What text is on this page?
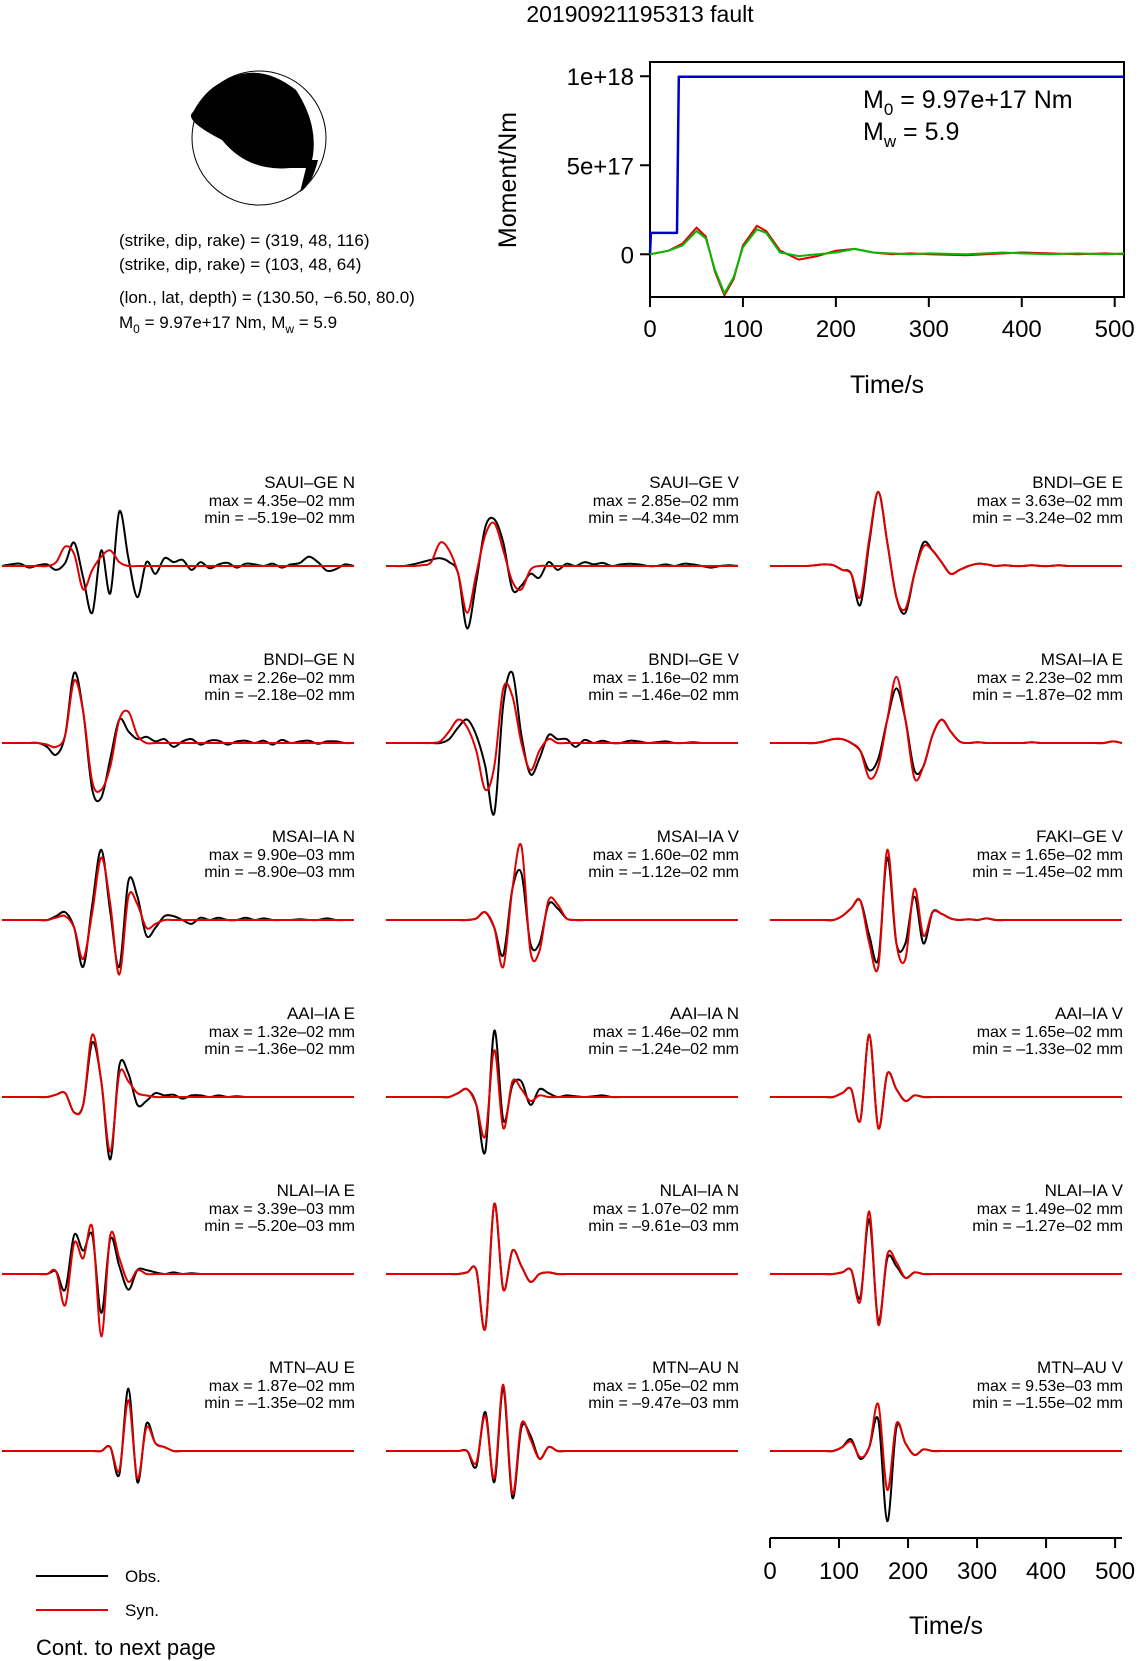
20190921195313 fault
(strike, dip, rake) = (319, 48, 116)
(strike, dip, rake) = (103, 48, 64)
(lon., lat, depth) = (130.50, −6.50, 80.0)
$M_0 = 9.97e+17$ Nm, $M_w = 5.9$	0	100 200 300 400 500
0
5e+17
1e+18
Moment/Nm
Time/s
$M_0 = 9.97e+17$ Nm
$M_w = 5.9$
SAUI–GE N
max = 4.35e–02 mm
min = –5.19e–02 mm
SAUI–GE V
max = 2.85e–02 mm
min = –4.34e–02 mm
BNDI–GE E
max = 3.63e–02 mm
min = –3.24e–02 mm
BNDI–GE N
max = 2.26e–02 mm
min = –2.18e–02 mm
BNDI–GE V
max = 1.16e–02 mm
min = –1.46e–02 mm
MSAI–IA E
max = 2.23e–02 mm
min = –1.87e–02 mm
MSAI–IA N
max = 9.90e–03 mm
min = –8.90e–03 mm
MSAI–IA V
max = 1.60e–02 mm
min = –1.12e–02 mm
FAKI–GE V
max = 1.65e–02 mm
min = –1.45e–02 mm
AAI–IA E
max = 1.32e–02 mm
min = –1.36e–02 mm
AAI–IA N
max = 1.46e–02 mm
min = –1.24e–02 mm
AAI–IA V
max = 1.65e–02 mm
min = –1.33e–02 mm
NLAI–IA E
max = 3.39e–03 mm
min = –5.20e–03 mm
NLAI–IA N
max = 1.07e–02 mm
min = –9.61e–03 mm
NLAI–IA V
max = 1.49e–02 mm
min = –1.27e–02 mm
MTN–AU E
max = 1.87e–02 mm
min = –1.35e–02 mm
MTN–AU N
max = 1.05e–02 mm
min = –9.47e–03 mm
MTN–AU V
max = 9.53e–03 mm
min = –1.55e–02 mm
Time/s
0 100 200 300 400 500
Obs.
Syn.
Cont. to next page
